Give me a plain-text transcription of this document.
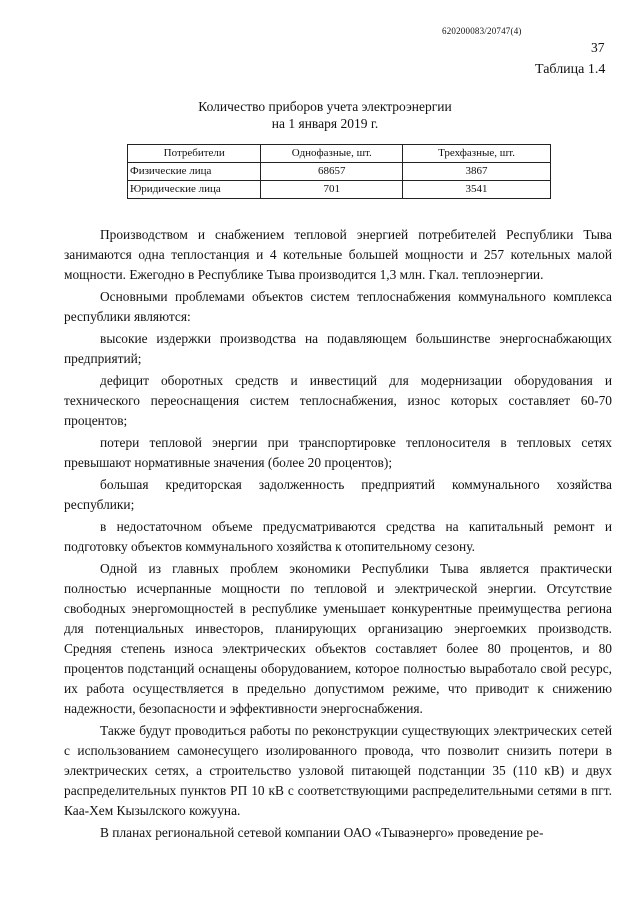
620200083/20747(4)
37
Таблица 1.4
Количество приборов учета электроэнергии
на 1 января 2019 г.
Потребители	Однофазные, шт.	Трехфазные, шт.
Физические лица	68657	3867
Юридические лица	701	3541

Производством и снабжением тепловой энергией потребителей Республики Тыва занимаются одна теплостанция и 4 котельные большей мощности и 257 котельных малой мощности. Ежегодно в Республике Тыва производится 1,3 млн. Гкал. теплоэнергии.

Основными проблемами объектов систем теплоснабжения коммунального комплекса республики являются:

высокие издержки производства на подавляющем большинстве энергоснабжающих предприятий;

дефицит оборотных средств и инвестиций для модернизации оборудования и технического переоснащения систем теплоснабжения, износ которых составляет 60-70 процентов;

потери тепловой энергии при транспортировке теплоносителя в тепловых сетях превышают нормативные значения (более 20 процентов);

большая кредиторская задолженность предприятий коммунального хозяйства республики;

в недостаточном объеме предусматриваются средства на капитальный ремонт и подготовку объектов коммунального хозяйства к отопительному сезону.

Одной из главных проблем экономики Республики Тыва является практически полностью исчерпанные мощности по тепловой и электрической энергии. Отсутствие свободных энергомощностей в республике уменьшает конкурентные преимущества региона для потенциальных инвесторов, планирующих организацию энергоемких производств. Средняя степень износа электрических объектов составляет более 80 процентов, и 80 процентов подстанций оснащены оборудованием, которое полностью выработало свой ресурс, их работа осуществляется в предельно допустимом режиме, что приводит к снижению надежности, безопасности и эффективности энергоснабжения.

Также будут проводиться работы по реконструкции существующих электрических сетей с использованием самонесущего изолированного провода, что позволит снизить потери в электрических сетях, а строительство узловой питающей подстанции 35 (110 кВ) и двух распределительных пунктов РП 10 кВ с соответствующими распределительными сетями в пгт. Каа-Хем Кызылского кожууна.

В планах региональной сетевой компании ОАО «Тываэнерго» проведение ре-
